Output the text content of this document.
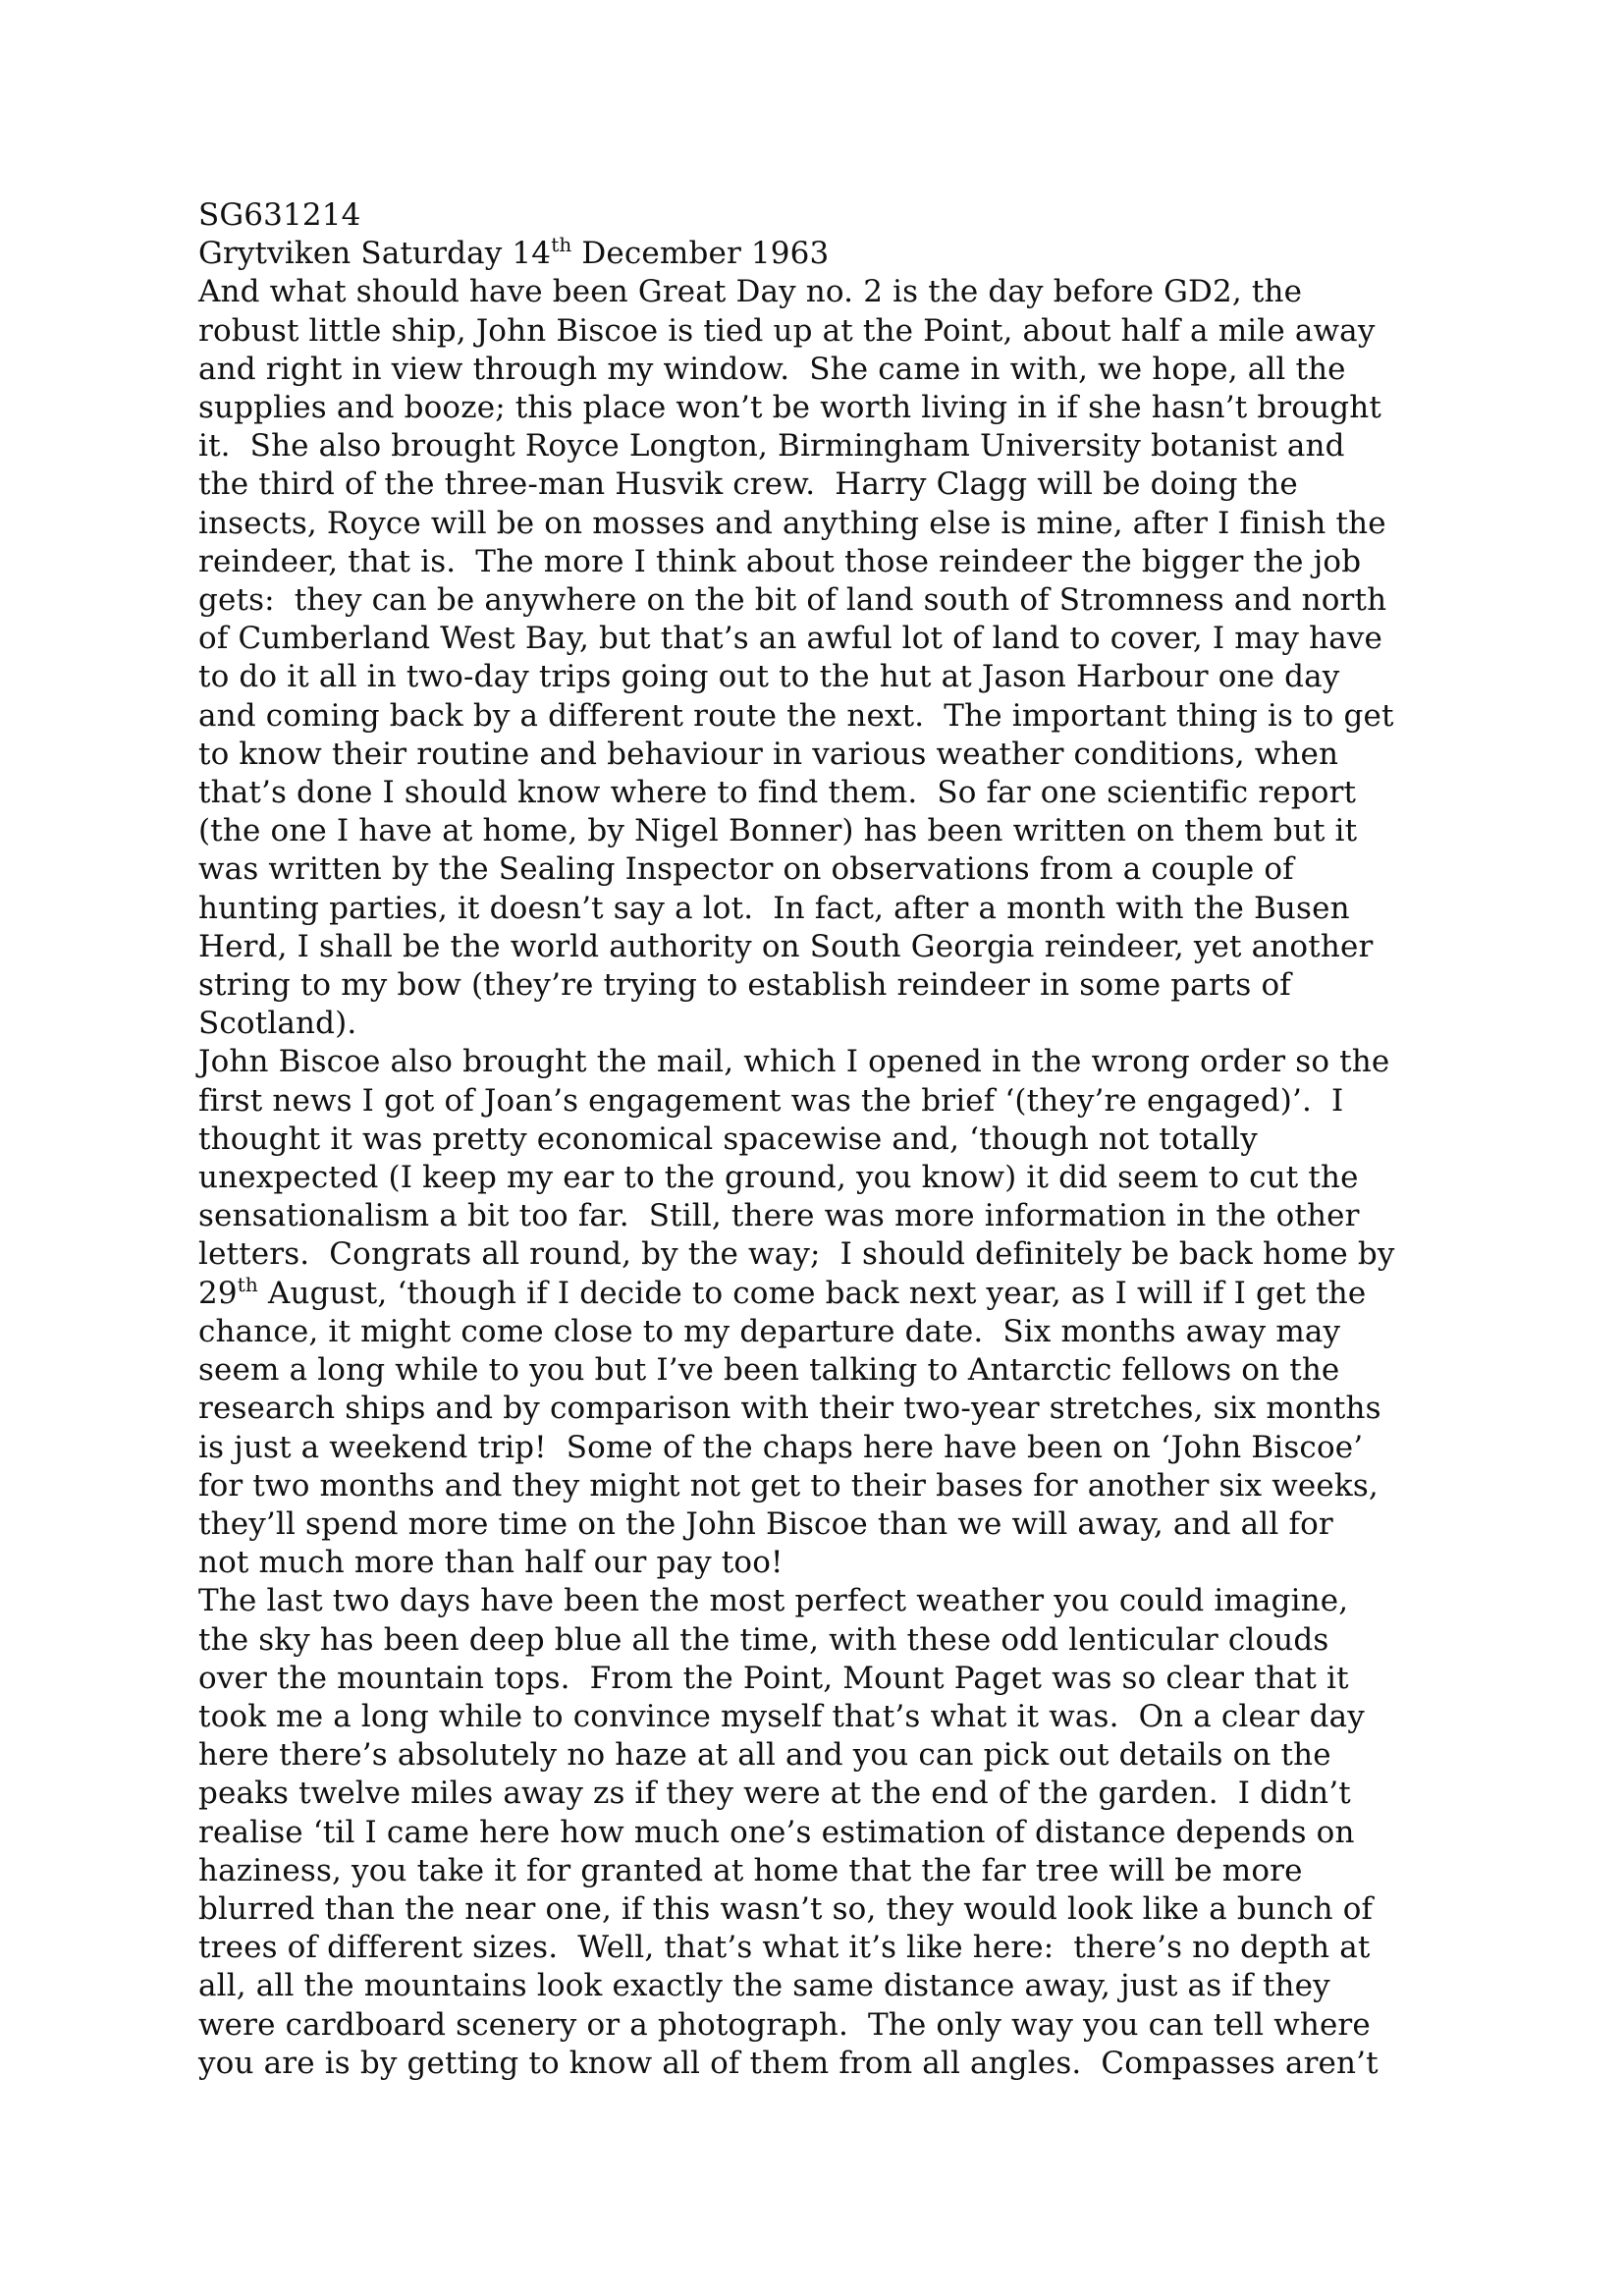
SG631214
Grytviken Saturday 14th December 1963
And what should have been Great Day no. 2 is the day before GD2, the
robust little ship, John Biscoe is tied up at the Point, about half a mile away
and right in view through my window.  She came in with, we hope, all the
supplies and booze; this place won’t be worth living in if she hasn’t brought
it.  She also brought Royce Longton, Birmingham University botanist and
the third of the three-man Husvik crew.  Harry Clagg will be doing the
insects, Royce will be on mosses and anything else is mine, after I finish the
reindeer, that is.  The more I think about those reindeer the bigger the job
gets:  they can be anywhere on the bit of land south of Stromness and north
of Cumberland West Bay, but that’s an awful lot of land to cover, I may have
to do it all in two-day trips going out to the hut at Jason Harbour one day
and coming back by a different route the next.  The important thing is to get
to know their routine and behaviour in various weather conditions, when
that’s done I should know where to find them.  So far one scientific report
(the one I have at home, by Nigel Bonner) has been written on them but it
was written by the Sealing Inspector on observations from a couple of
hunting parties, it doesn’t say a lot.  In fact, after a month with the Busen
Herd, I shall be the world authority on South Georgia reindeer, yet another
string to my bow (they’re trying to establish reindeer in some parts of
Scotland).
John Biscoe also brought the mail, which I opened in the wrong order so the
first news I got of Joan’s engagement was the brief ‘(they’re engaged)’.  I
thought it was pretty economical spacewise and, ‘though not totally
unexpected (I keep my ear to the ground, you know) it did seem to cut the
sensationalism a bit too far.  Still, there was more information in the other
letters.  Congrats all round, by the way;  I should definitely be back home by
29th August, ‘though if I decide to come back next year, as I will if I get the
chance, it might come close to my departure date.  Six months away may
seem a long while to you but I’ve been talking to Antarctic fellows on the
research ships and by comparison with their two-year stretches, six months
is just a weekend trip!  Some of the chaps here have been on ‘John Biscoe’
for two months and they might not get to their bases for another six weeks,
they’ll spend more time on the John Biscoe than we will away, and all for
not much more than half our pay too!
The last two days have been the most perfect weather you could imagine,
the sky has been deep blue all the time, with these odd lenticular clouds
over the mountain tops.  From the Point, Mount Paget was so clear that it
took me a long while to convince myself that’s what it was.  On a clear day
here there’s absolutely no haze at all and you can pick out details on the
peaks twelve miles away zs if they were at the end of the garden.  I didn’t
realise ‘til I came here how much one’s estimation of distance depends on
haziness, you take it for granted at home that the far tree will be more
blurred than the near one, if this wasn’t so, they would look like a bunch of
trees of different sizes.  Well, that’s what it’s like here:  there’s no depth at
all, all the mountains look exactly the same distance away, just as if they
were cardboard scenery or a photograph.  The only way you can tell where
you are is by getting to know all of them from all angles.  Compasses aren’t
